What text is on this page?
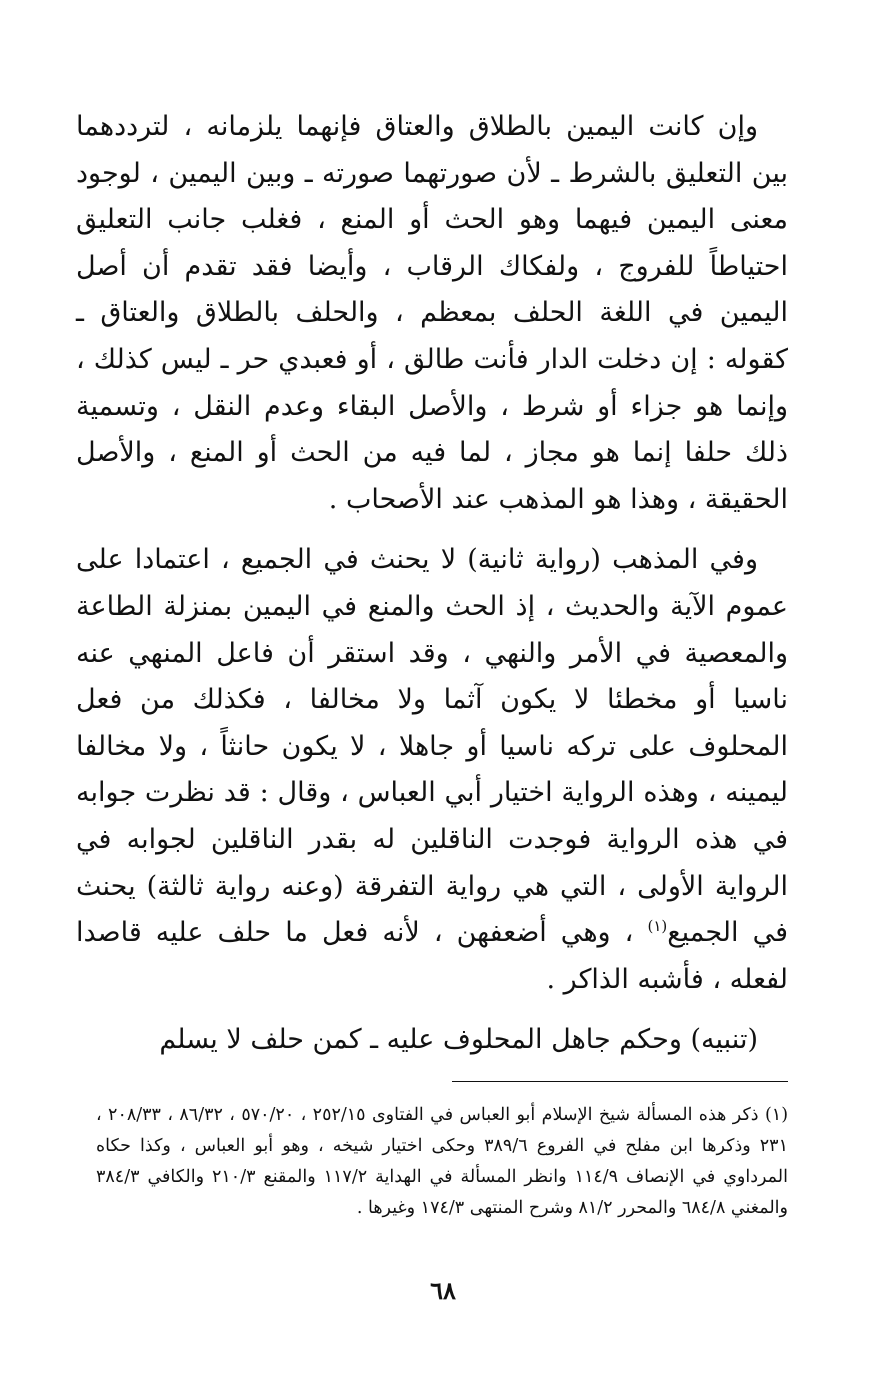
وإن كانت اليمين بالطلاق والعتاق فإنهما يلزمانه ، لترددهما بين التعليق بالشرط ـ لأن صورتهما صورته ـ وبين اليمين ، لوجود معنى اليمين فيهما وهو الحث أو المنع ، فغلب جانب التعليق احتياطاً للفروج ، ولفكاك الرقاب ، وأيضا فقد تقدم أن أصل اليمين في اللغة الحلف بمعظم ، والحلف بالطلاق والعتاق ـ كقوله : إن دخلت الدار فأنت طالق ، أو فعبدي حر ـ ليس كذلك ، وإنما هو جزاء أو شرط ، والأصل البقاء وعدم النقل ، وتسمية ذلك حلفا إنما هو مجاز ، لما فيه من الحث أو المنع ، والأصل الحقيقة ، وهذا هو المذهب عند الأصحاب .

وفي المذهب (رواية ثانية) لا يحنث في الجميع ، اعتمادا على عموم الآية والحديث ، إذ الحث والمنع في اليمين بمنزلة الطاعة والمعصية في الأمر والنهي ، وقد استقر أن فاعل المنهي عنه ناسيا أو مخطئا لا يكون آثما ولا مخالفا ، فكذلك من فعل المحلوف على تركه ناسيا أو جاهلا ، لا يكون حانثاً ، ولا مخالفا ليمينه ، وهذه الرواية اختيار أبي العباس ، وقال : قد نظرت جوابه في هذه الرواية فوجدت الناقلين له بقدر الناقلين لجوابه في الرواية الأولى ، التي هي رواية التفرقة (وعنه رواية ثالثة) يحنث في الجميع$^{(١)}$ ، وهي أضعفهن ، لأنه فعل ما حلف عليه قاصدا لفعله ، فأشبه الذاكر .

(تنبيه) وحكم جاهل المحلوف عليه ـ كمن حلف لا يسلم

(١) ذكر هذه المسألة شيخ الإسلام أبو العباس في الفتاوى ٢٥٢/١٥ ، ٥٧٠/٢٠ ، ٨٦/٣٢ ، ٢٠٨/٣٣ ، ٢٣١ وذكرها ابن مفلح في الفروع ٣٨٩/٦ وحكى اختيار شيخه ، وهو أبو العباس ، وكذا حكاه المرداوي في الإنصاف ١١٤/٩ وانظر المسألة في الهداية ١١٧/٢ والمقنع ٢١٠/٣ والكافي ٣٨٤/٣ والمغني ٦٨٤/٨ والمحرر ٨١/٢ وشرح المنتهى ١٧٤/٣ وغيرها .

٦٨
